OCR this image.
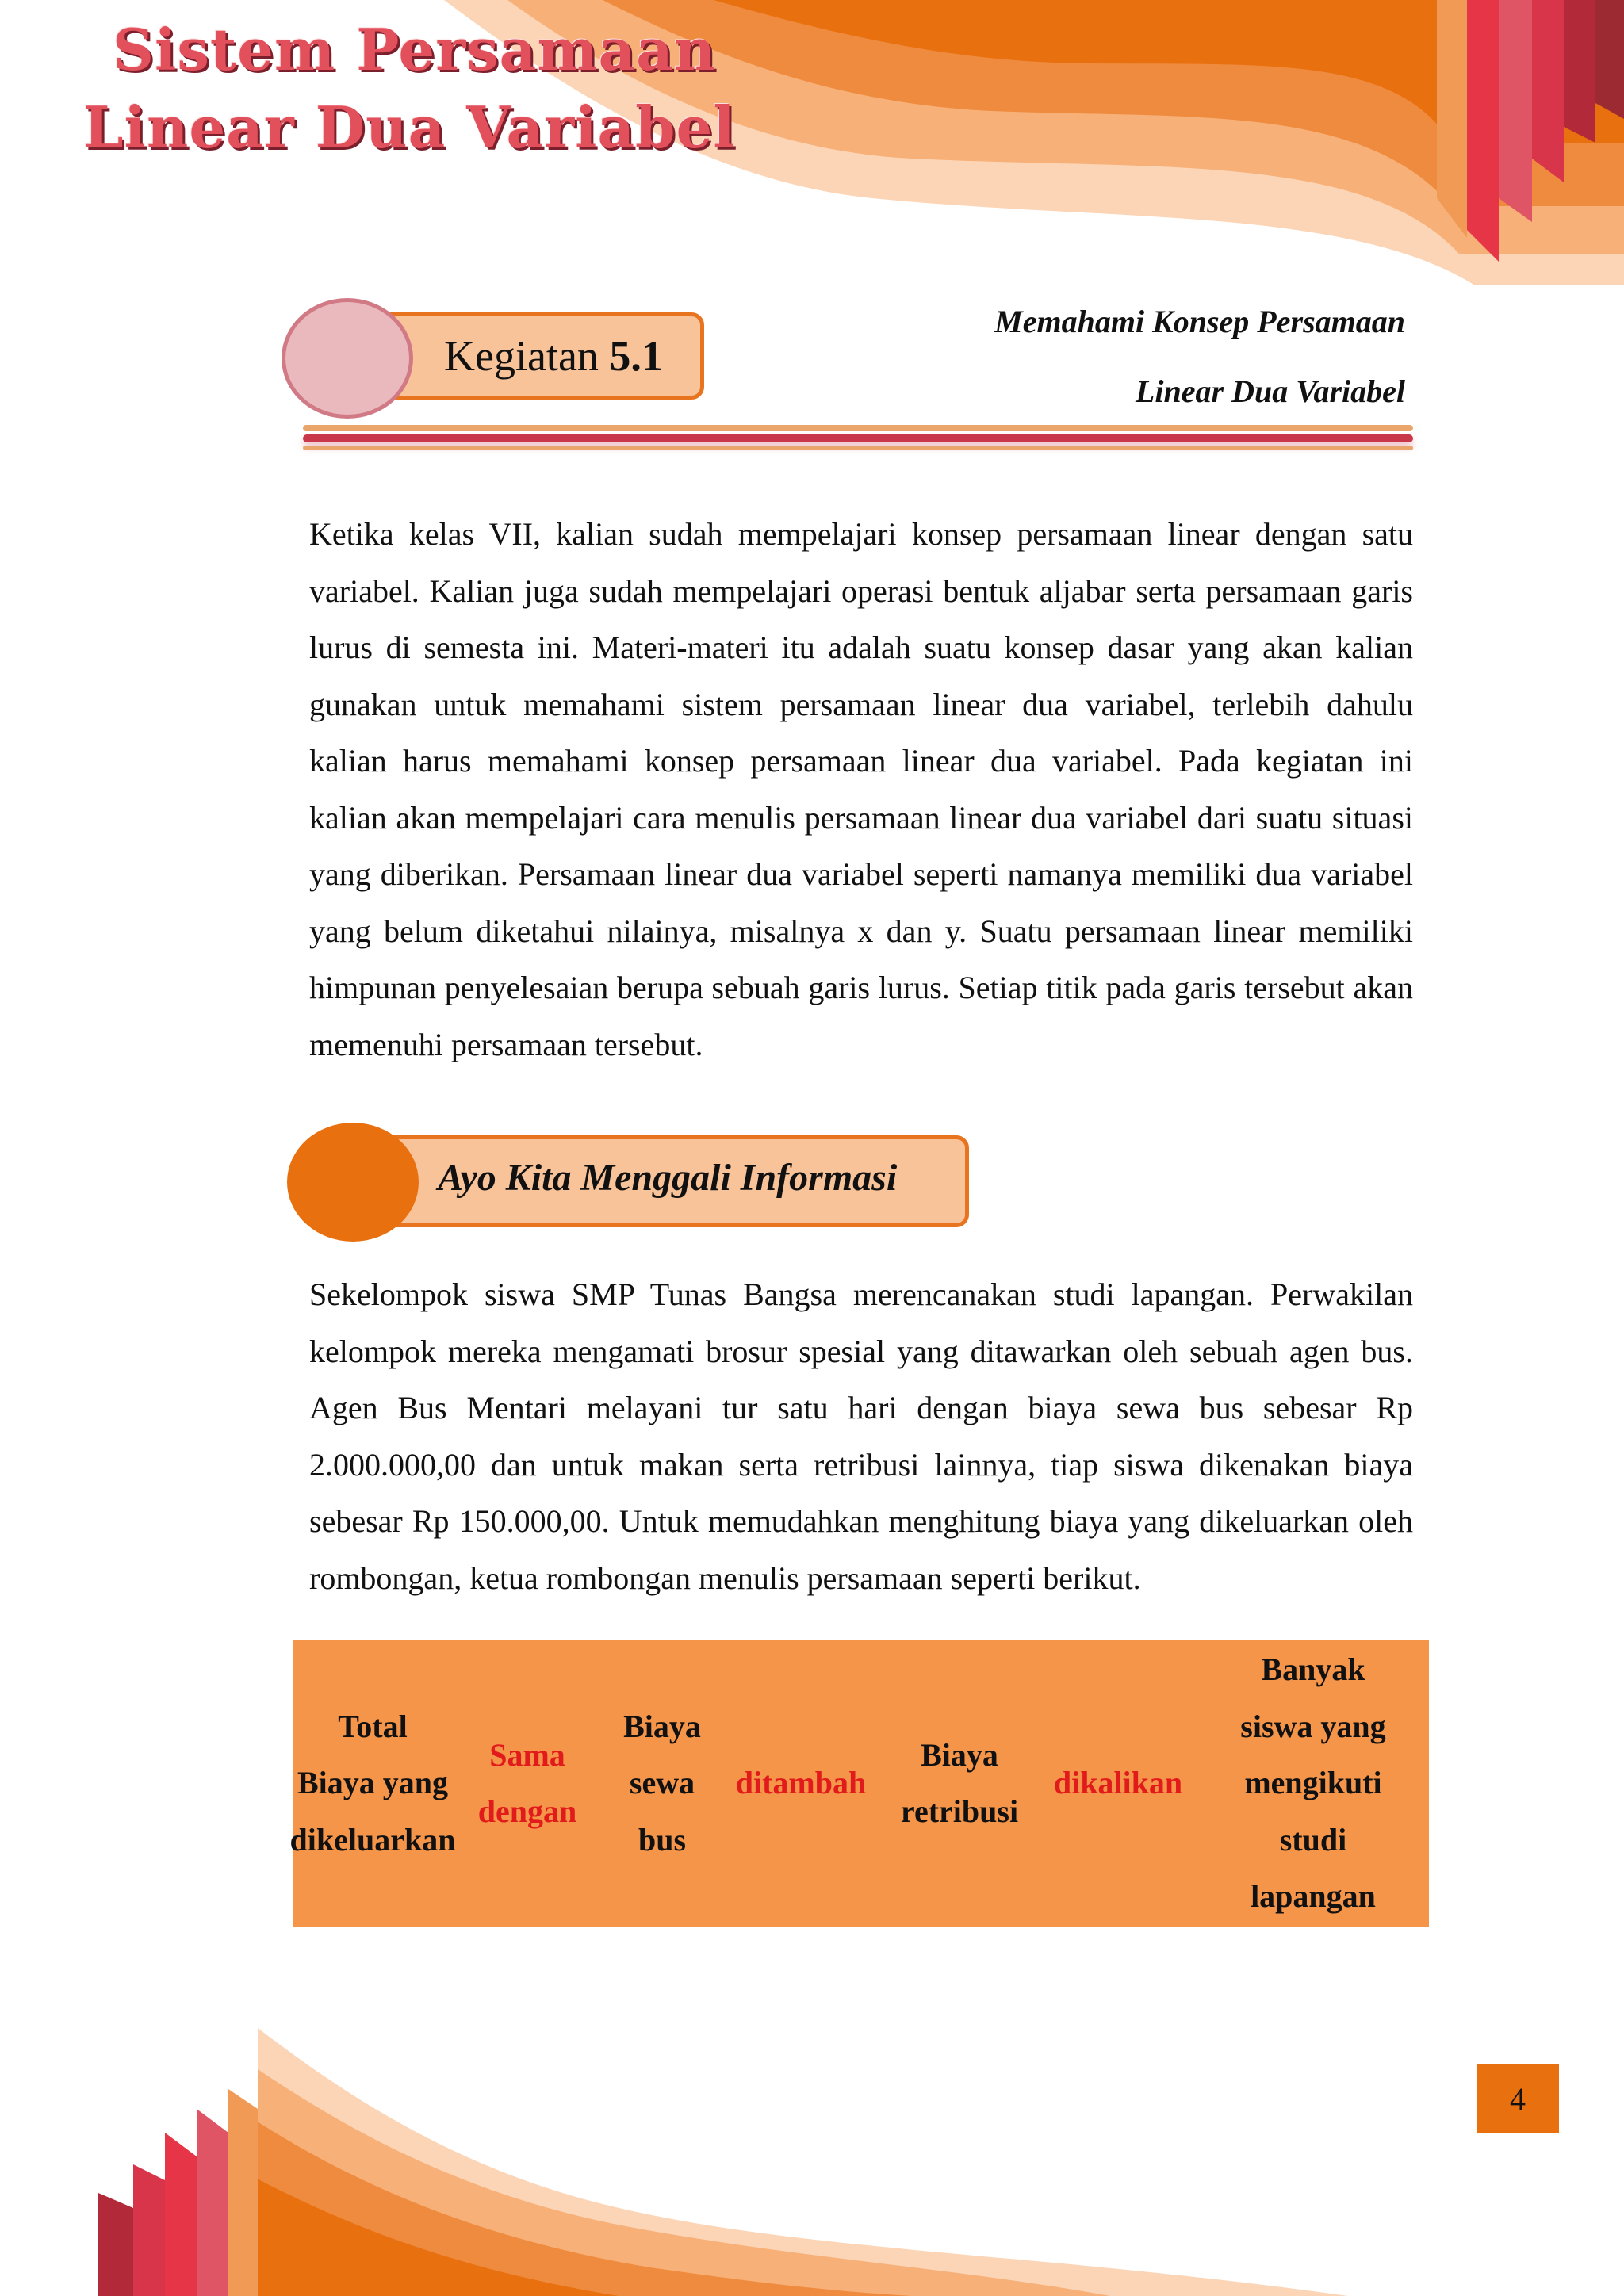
Sistem Persamaan
Linear Dua Variabel
Kegiatan 5.1
Memahami Konsep Persamaan
Linear Dua Variabel

Ketika kelas VII, kalian sudah mempelajari konsep persamaan linear dengan satu variabel. Kalian juga sudah mempelajari operasi bentuk aljabar serta persamaan garis lurus di semesta ini. Materi-materi itu adalah suatu konsep dasar yang akan kalian gunakan untuk memahami sistem persamaan linear dua variabel, terlebih dahulu kalian harus memahami konsep persamaan linear dua variabel. Pada kegiatan ini kalian akan mempelajari cara menulis persamaan linear dua variabel dari suatu situasi yang diberikan. Persamaan linear dua variabel seperti namanya memiliki dua variabel yang belum diketahui nilainya, misalnya x dan y. Suatu persamaan linear memiliki himpunan penyelesaian berupa sebuah garis lurus. Setiap titik pada garis tersebut akan memenuhi persamaan tersebut.

Ayo Kita Menggali Informasi

Sekelompok siswa SMP Tunas Bangsa merencanakan studi lapangan. Perwakilan kelompok mereka mengamati brosur spesial yang ditawarkan oleh sebuah agen bus. Agen Bus Mentari melayani tur satu hari dengan biaya sewa bus sebesar Rp 2.000.000,00 dan untuk makan serta retribusi lainnya, tiap siswa dikenakan biaya sebesar Rp 150.000,00. Untuk memudahkan menghitung biaya yang dikeluarkan oleh rombongan, ketua rombongan menulis persamaan seperti berikut.

Total
Biaya yang
dikeluarkan
Sama
dengan
Biaya
sewa
bus
ditambah
Biaya
retribusi
dikalikan
Banyak
siswa yang
mengikuti
studi
lapangan
4
